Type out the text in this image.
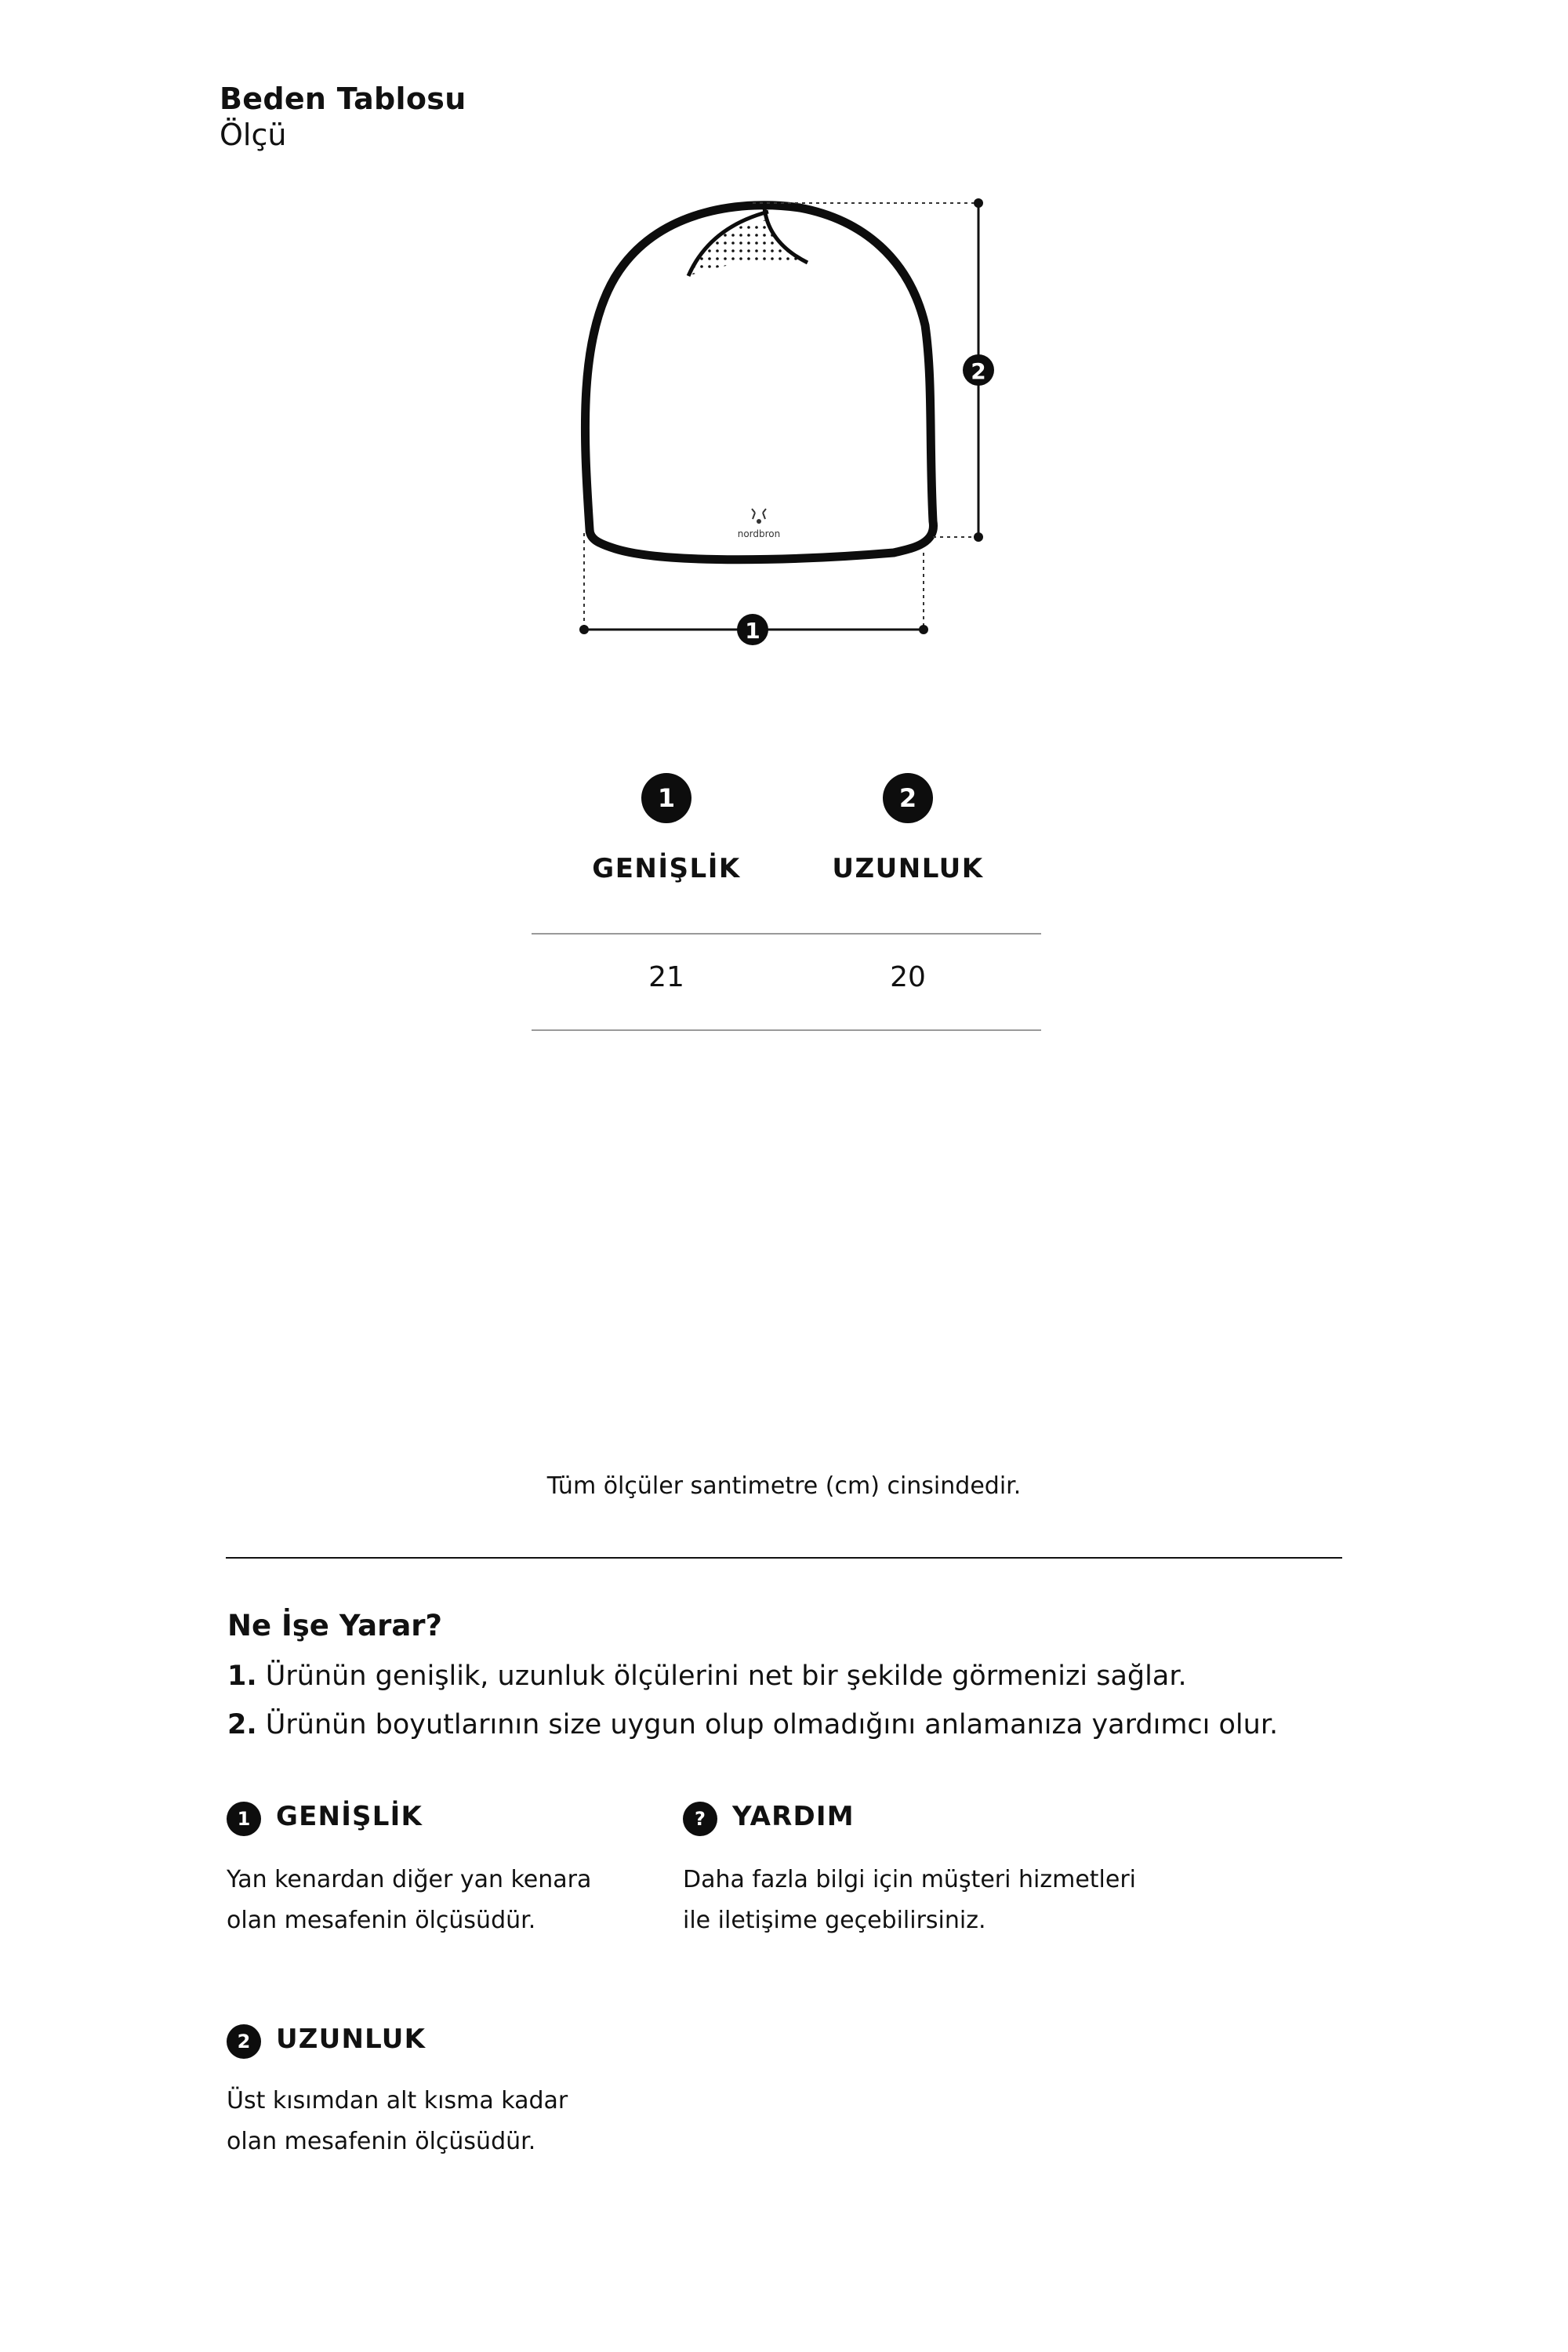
Beden Tablosu
Ölçü
nordbron
2
1
1	2
GENİŞLİK	UZUNLUK
21	20
Tüm ölçüler santimetre (cm) cinsindedir.
Ne İşe Yarar?
1. Ürünün genişlik, uzunluk ölçülerini net bir şekilde görmenizi sağlar.
2. Ürünün boyutlarının size uygun olup olmadığını anlamanıza yardımcı olur.
1 GENİŞLİK
Yan kenardan diğer yan kenara
olan mesafenin ölçüsüdür.
?	YARDIM
Daha fazla bilgi için müşteri hizmetleri
ile iletişime geçebilirsiniz.
2 UZUNLUK
Üst kısımdan alt kısma kadar
olan mesafenin ölçüsüdür.
